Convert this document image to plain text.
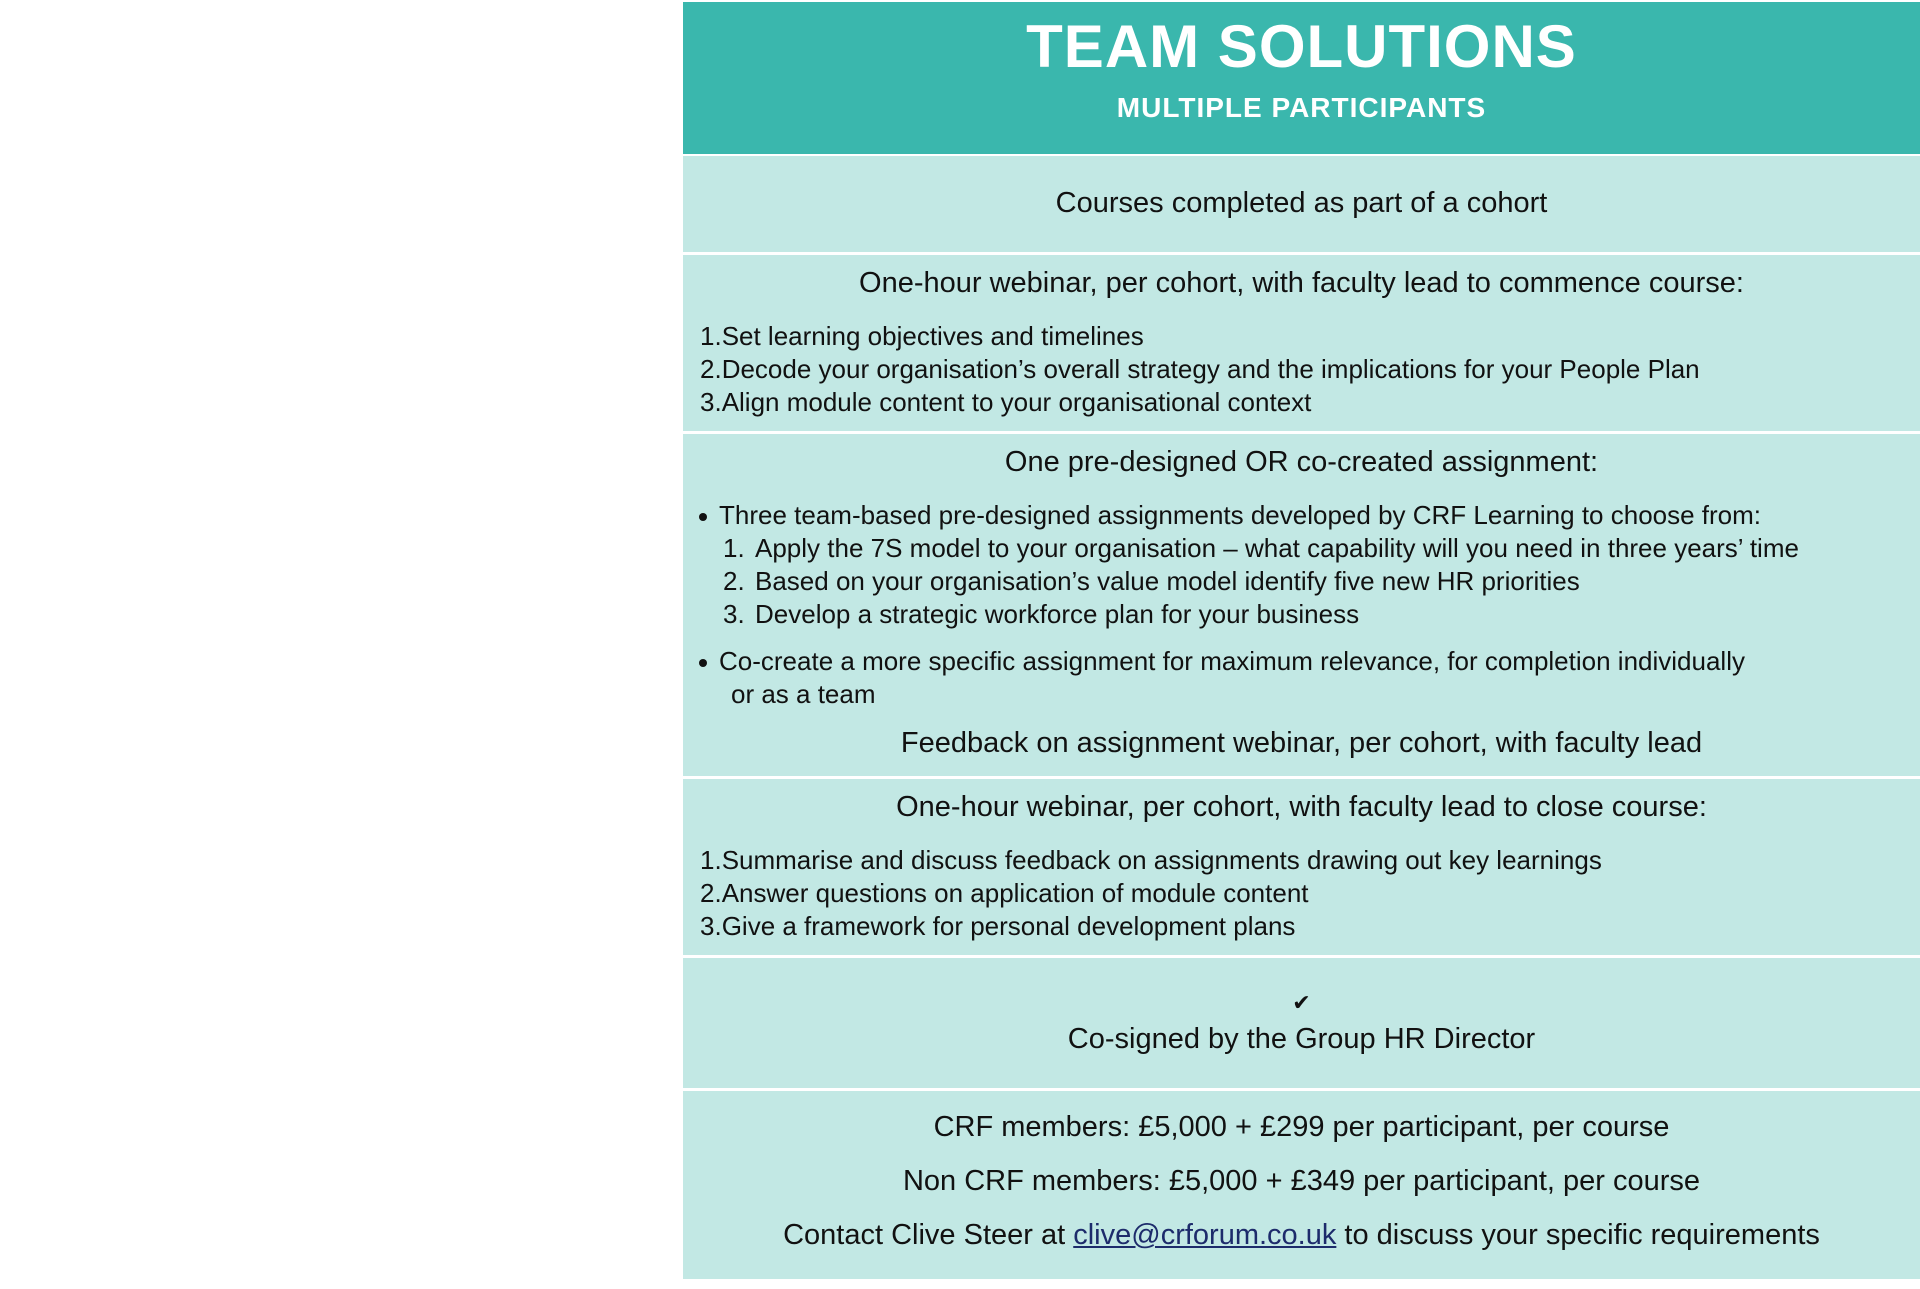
TEAM SOLUTIONS
MULTIPLE PARTICIPANTS
Courses completed as part of a cohort
One-hour webinar, per cohort, with faculty lead to commence course:
1.Set learning objectives and timelines
2.Decode your organisation’s overall strategy and the implications for your People Plan
3.Align module content to your organisational context
One pre-designed OR co-created assignment:
Three team-based pre-designed assignments developed by CRF Learning to choose from:
1. Apply the 7S model to your organisation – what capability will you need in three years’ time
2. Based on your organisation’s value model identify five new HR priorities
3. Develop a strategic workforce plan for your business
Co-create a more specific assignment for maximum relevance, for completion individually
or as a team
Feedback on assignment webinar, per cohort, with faculty lead
One-hour webinar, per cohort, with faculty lead to close course:
1.Summarise and discuss feedback on assignments drawing out key learnings
2.Answer questions on application of module content
3.Give a framework for personal development plans
✔
Co-signed by the Group HR Director
CRF members: £5,000 + £299 per participant, per course
Non CRF members: £5,000 + £349 per participant, per course
Contact Clive Steer at clive@crforum.co.uk to discuss your specific requirements
